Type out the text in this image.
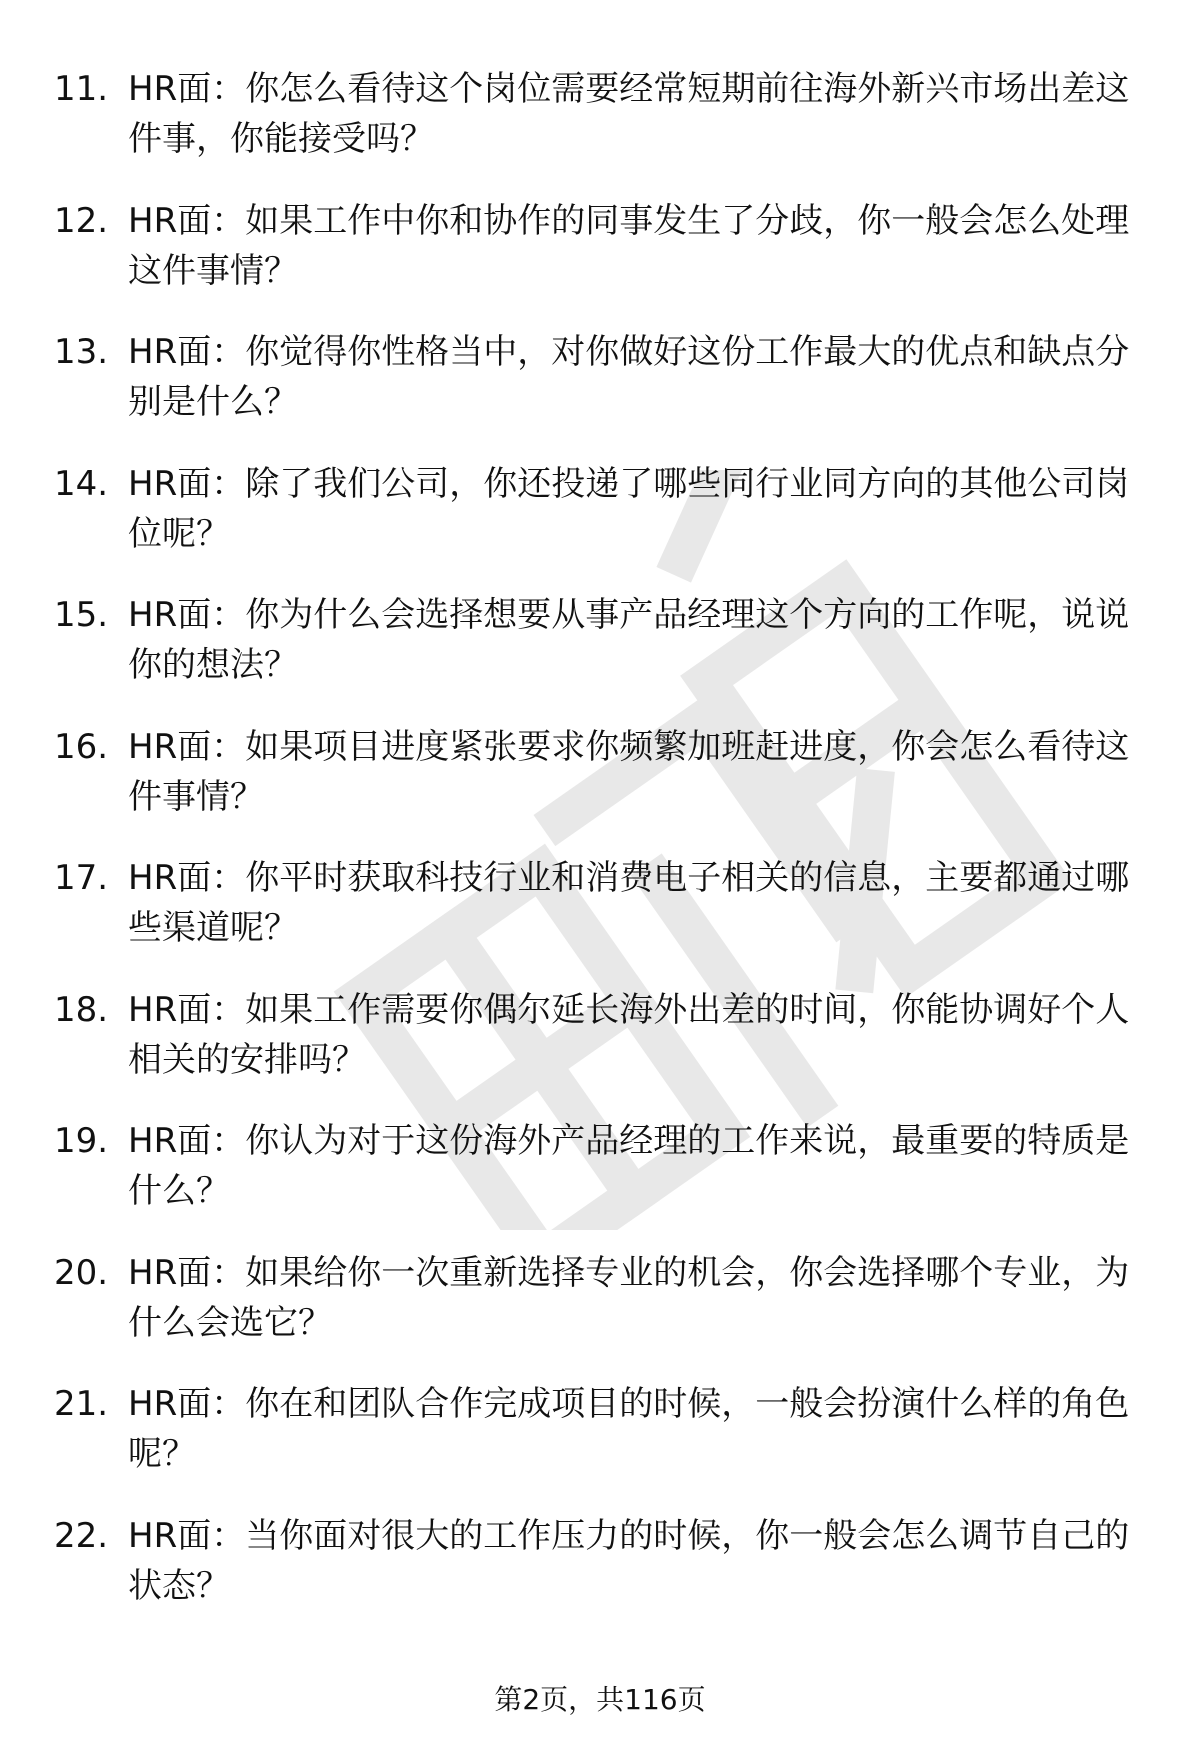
11. HR面：你怎么看待这个岗位需要经常短期前往海外新兴市场出差这件事，你能接受吗？
12. HR面：如果工作中你和协作的同事发生了分歧，你一般会怎么处理这件事情？
13. HR面：你觉得你性格当中，对你做好这份工作最大的优点和缺点分别是什么？
14. HR面：除了我们公司，你还投递了哪些同行业同方向的其他公司岗位呢？
15. HR面：你为什么会选择想要从事产品经理这个方向的工作呢，说说你的想法？
16. HR面：如果项目进度紧张要求你频繁加班赶进度，你会怎么看待这件事情？
17. HR面：你平时获取科技行业和消费电子相关的信息，主要都通过哪些渠道呢？
18. HR面：如果工作需要你偶尔延长海外出差的时间，你能协调好个人相关的安排吗？
19. HR面：你认为对于这份海外产品经理的工作来说，最重要的特质是什么？
20. HR面：如果给你一次重新选择专业的机会，你会选择哪个专业，为什么会选它？
21. HR面：你在和团队合作完成项目的时候，一般会扮演什么样的角色呢？
22. HR面：当你面对很大的工作压力的时候，你一般会怎么调节自己的状态？
第2页，共116页
